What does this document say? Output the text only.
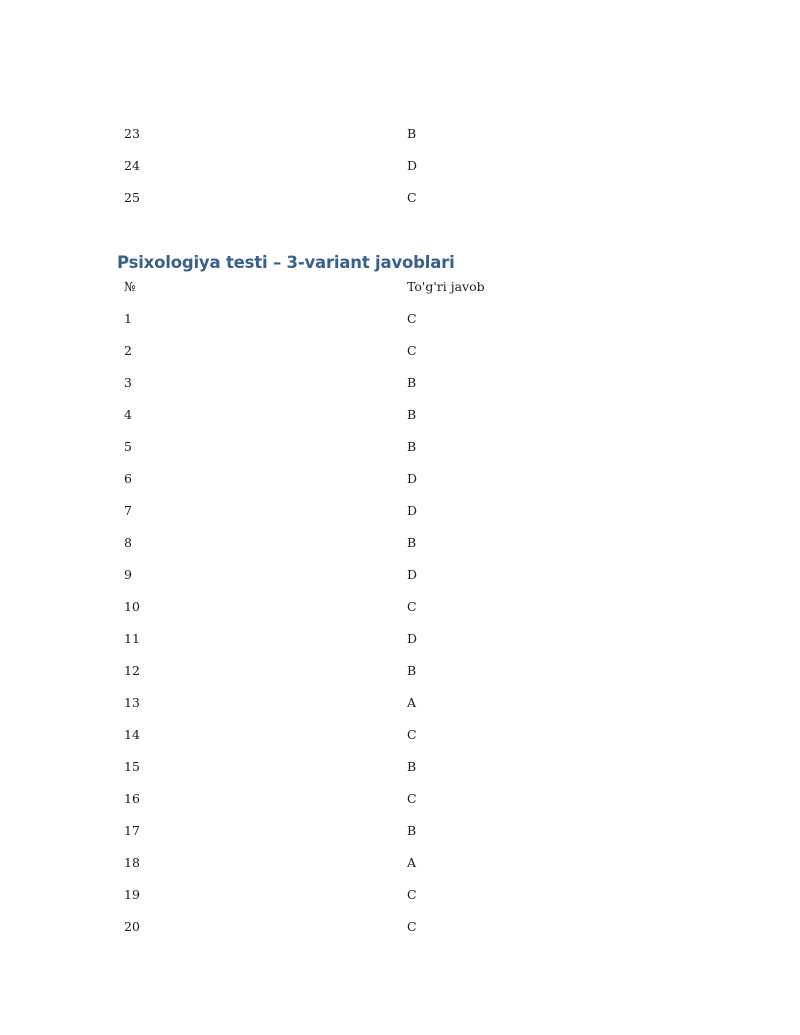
23	B
24	D
25	C
Psixologiya testi – 3-variant javoblari
№	To'g'ri javob
1	C
2	C
3	B
4	B
5	B
6	D
7	D
8	B
9	D
10	C
11	D
12	B
13	A
14	C
15	B
16	C
17	B
18	A
19	C
20	C
